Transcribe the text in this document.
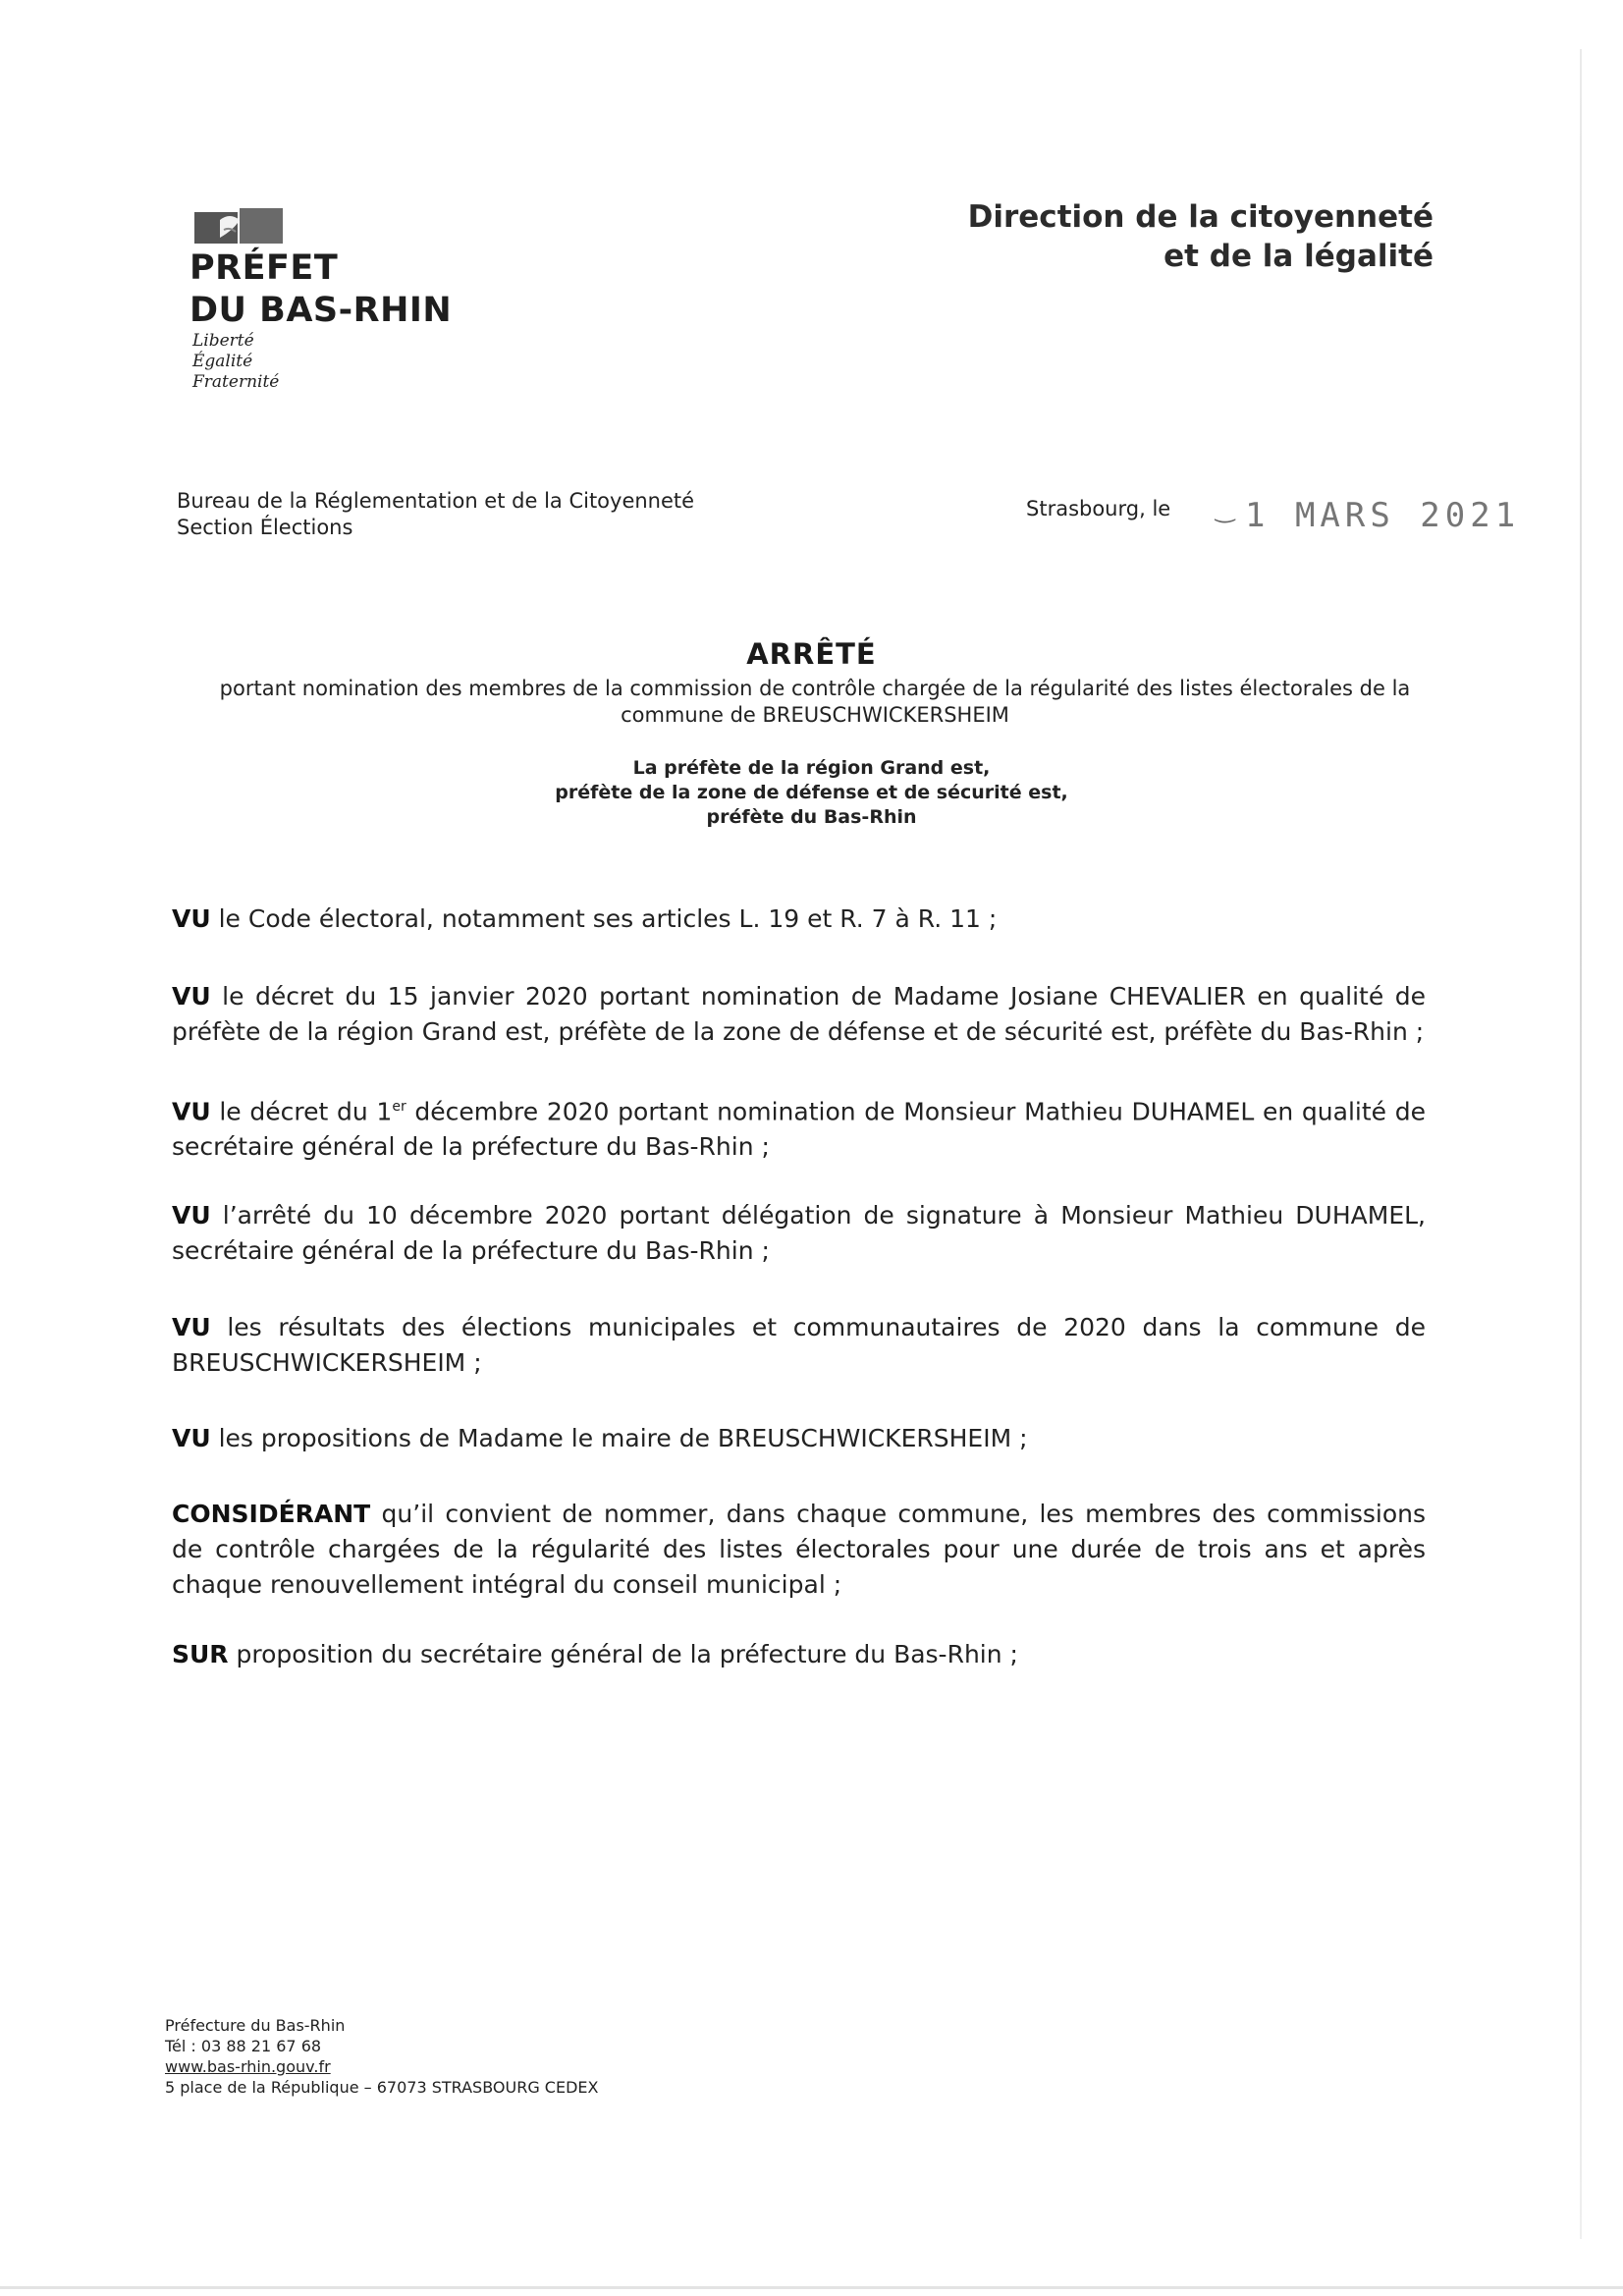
PRÉFET
DU BAS-RHIN
Liberté
Égalité
Fraternité
Direction de la citoyenneté
et de la légalité
Bureau de la Réglementation et de la Citoyenneté
Section Élections
Strasbourg, le ‿ 1 MARS 2021
ARRÊTÉ
portant nomination des membres de la commission de contrôle chargée de la régularité des listes électorales de la commune de BREUSCHWICKERSHEIM
La préfète de la région Grand est,
préfète de la zone de défense et de sécurité est,
préfète du Bas-Rhin
VU le Code électoral, notamment ses articles L. 19 et R. 7 à R. 11 ;
VU le décret du 15 janvier 2020 portant nomination de Madame Josiane CHEVALIER en qualité de préfète de la région Grand est, préfète de la zone de défense et de sécurité est, préfète du Bas-Rhin ;
VU le décret du 1er décembre 2020 portant nomination de Monsieur Mathieu DUHAMEL en qualité de secrétaire général de la préfecture du Bas-Rhin ;
VU l’arrêté du 10 décembre 2020 portant délégation de signature à Monsieur Mathieu DUHAMEL, secrétaire général de la préfecture du Bas-Rhin ;
VU les résultats des élections municipales et communautaires de 2020 dans la commune de BREUSCHWICKERSHEIM ;
VU les propositions de Madame le maire de BREUSCHWICKERSHEIM ;
CONSIDÉRANT qu’il convient de nommer, dans chaque commune, les membres des commissions de contrôle chargées de la régularité des listes électorales pour une durée de trois ans et après chaque renouvellement intégral du conseil municipal ;
SUR proposition du secrétaire général de la préfecture du Bas-Rhin ;
Préfecture du Bas-Rhin
Tél : 03 88 21 67 68
www.bas-rhin.gouv.fr
5 place de la République – 67073 STRASBOURG CEDEX
